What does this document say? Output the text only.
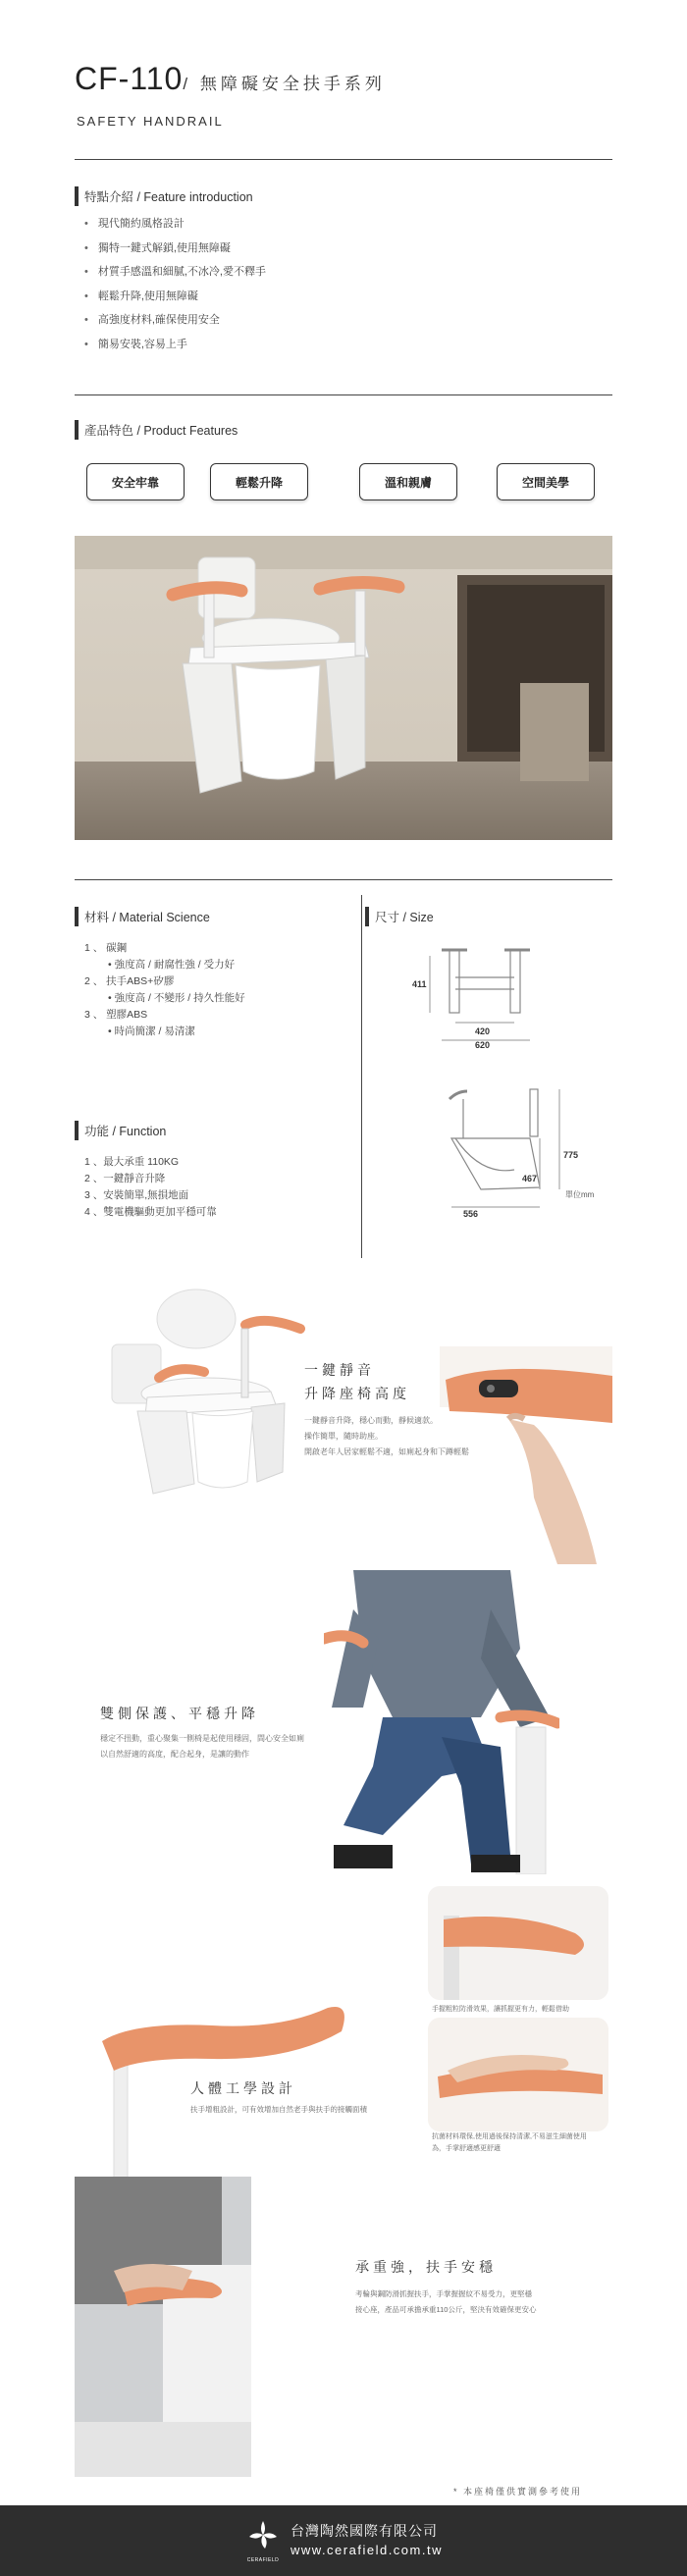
CF-110/ 無障礙安全扶手系列
SAFETY HANDRAIL
特點介紹 / Feature introduction
• 現代簡約風格設計
• 獨特一鍵式解鎖,使用無障礙
• 材質手感溫和細膩,不冰冷,愛不釋手
• 輕鬆升降,使用無障礙
• 高強度材料,確保使用安全
• 簡易安裝,容易上手
產品特色 / Product Features
安全牢靠	輕鬆升降	溫和親膚	空間美學
材料 / Material Science
1 、 碳鋼
• 強度高 / 耐腐性強 / 受力好
2 、 扶手ABS+矽膠
• 強度高 / 不變形 / 持久性能好
3 、 塑膠ABS
• 時尚簡潔 / 易清潔
功能 / Function
1 、最大承重 110KG
2 、一鍵靜音升降
3 、安裝簡單,無損地面
4 、雙電機驅動更加平穩可靠
尺寸 / Size
411
420
620
775
467
556
單位mm
一鍵靜音
升降座椅高度
一鍵靜音升降，穩心而動，靜候適款。
操作簡單，隨時助座。
開啟老年人居家輕鬆不適，如廁起身和下蹲輕鬆
雙側保護、平穩升降
穩定不扭動，重心聚集一側椅是起使用穩固，間心安全如廁
以自然舒適的高度，配合起身，是讓的動作
手握粗粒防滑效果，讓抓握更有力，輕鬆借助
人體工學設計
扶手增粗設計，可有效增加自然老手與扶手的接觸面積
抗菌材料環保,使用過後保持清潔,不易滋生細菌使用
為，手掌舒適感更舒適
承重強，扶手安穩
考輪與鋼防滑抓握扶手，手掌握握紋不易受力，更堅穩
接心座，產品可承擔承重110公斤，堅決有效確保更安心
* 本座椅僅供實測參考使用
CERAFIELD
台灣陶然國際有限公司
www.cerafield.com.tw
